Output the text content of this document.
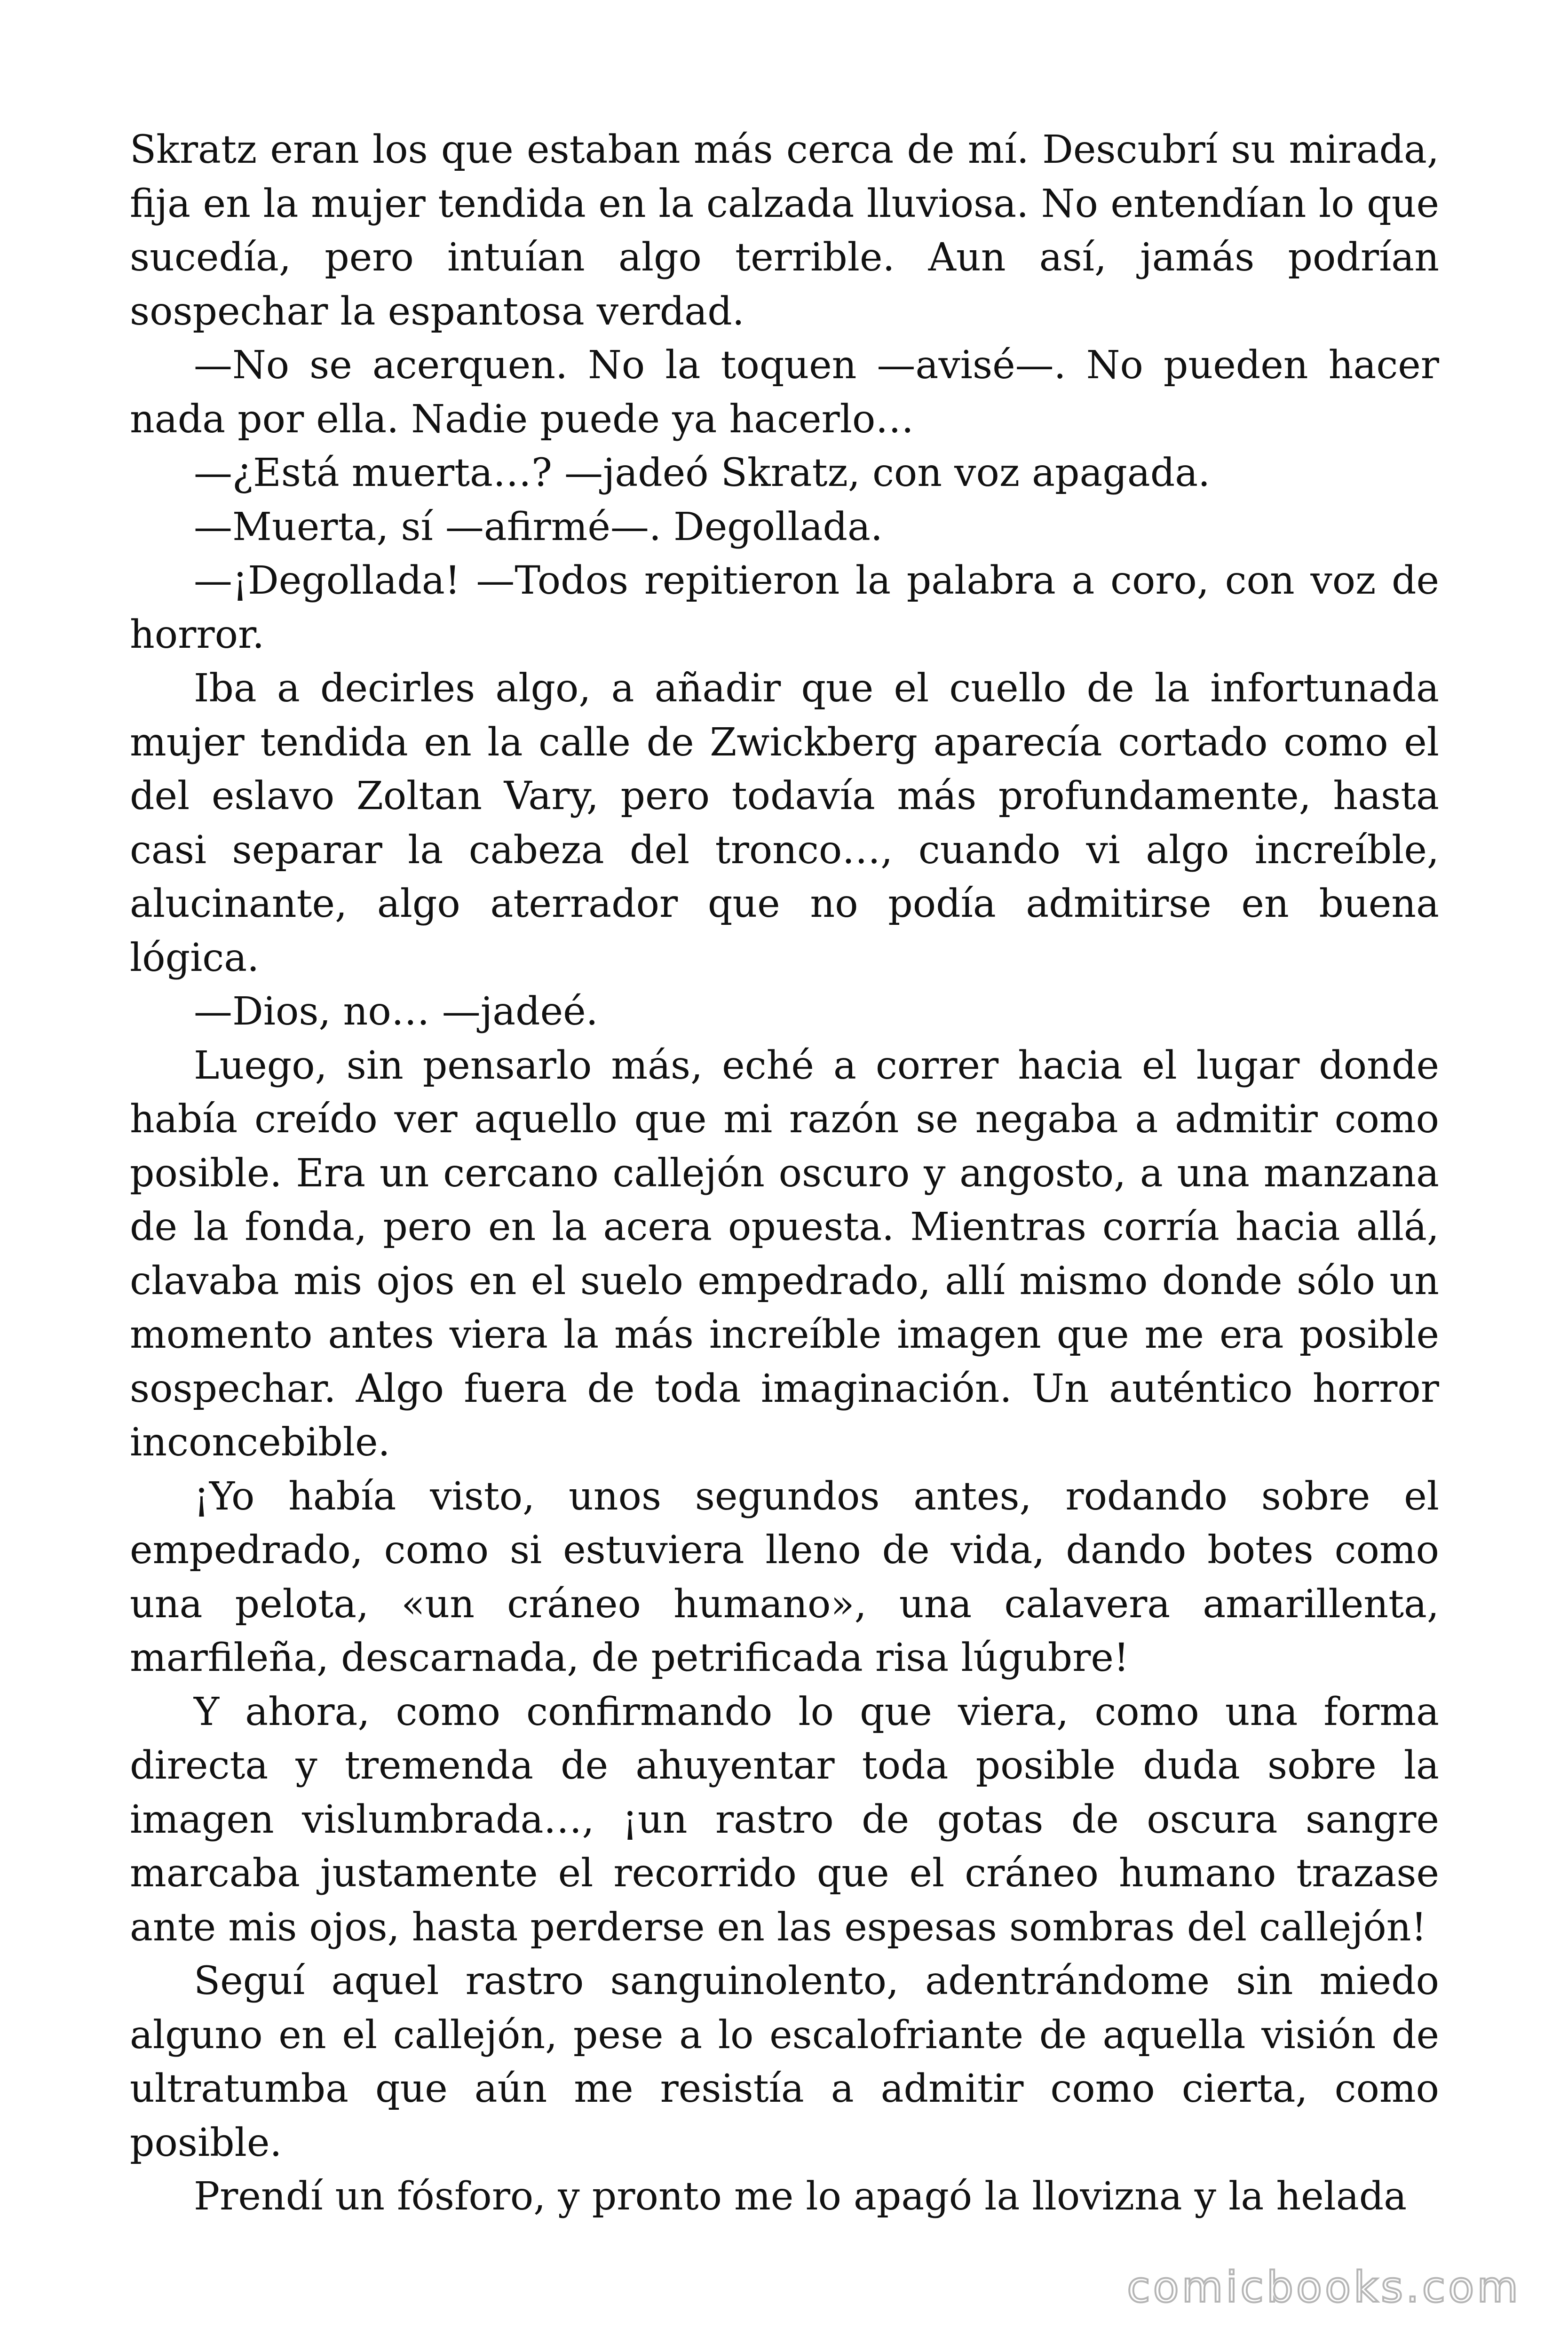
Skratz eran los que estaban más cerca de mí. Descubrí su mirada, fija en la mujer tendida en la calzada lluviosa. No entendían lo que sucedía, pero intuían algo terrible. Aun así, jamás podrían sospechar la espantosa verdad.

—No se acerquen. No la toquen —avisé—. No pueden hacer nada por ella. Nadie puede ya hacerlo…

—¿Está muerta…? —jadeó Skratz, con voz apagada.

—Muerta, sí —afirmé—. Degollada.

—¡Degollada! —Todos repitieron la palabra a coro, con voz de horror.

Iba a decirles algo, a añadir que el cuello de la infortunada mujer tendida en la calle de Zwickberg aparecía cortado como el del eslavo Zoltan Vary, pero todavía más profundamente, hasta casi separar la cabeza del tronco…, cuando vi algo increíble, alucinante, algo aterrador que no podía admitirse en buena lógica.

—Dios, no… —jadeé.

Luego, sin pensarlo más, eché a correr hacia el lugar donde había creído ver aquello que mi razón se negaba a admitir como posible. Era un cercano callejón oscuro y angosto, a una manzana de la fonda, pero en la acera opuesta. Mientras corría hacia allá, clavaba mis ojos en el suelo empedrado, allí mismo donde sólo un momento antes viera la más increíble imagen que me era posible sospechar. Algo fuera de toda imaginación. Un auténtico horror inconcebible.

¡Yo había visto, unos segundos antes, rodando sobre el empedrado, como si estuviera lleno de vida, dando botes como una pelota, «un cráneo humano», una calavera amarillenta, marfileña, descarnada, de petrificada risa lúgubre!

Y ahora, como confirmando lo que viera, como una forma directa y tremenda de ahuyentar toda posible duda sobre la imagen vislumbrada…, ¡un rastro de gotas de oscura sangre marcaba justamente el recorrido que el cráneo humano trazase ante mis ojos, hasta perderse en las espesas sombras del callejón!

Seguí aquel rastro sanguinolento, adentrándome sin miedo alguno en el callejón, pese a lo escalofriante de aquella visión de ultratumba que aún me resistía a admitir como cierta, como posible.

Prendí un fósforo, y pronto me lo apagó la llovizna y la helada

comicbooks.com
